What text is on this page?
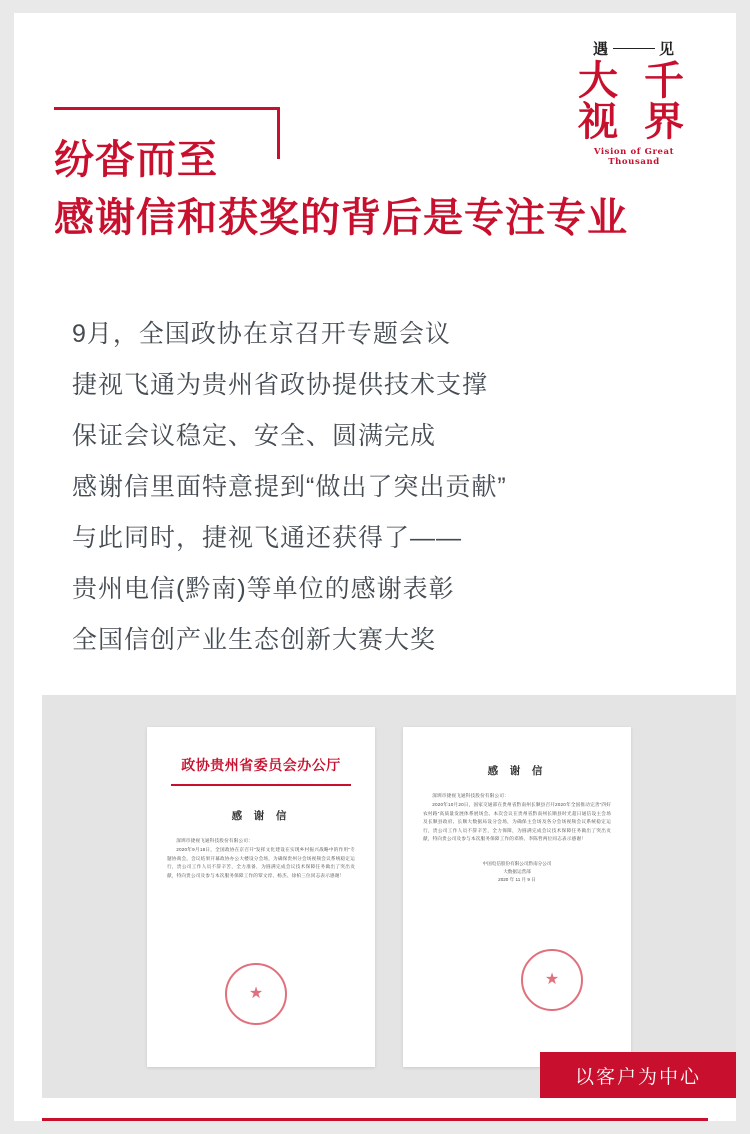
遇	见
大 千
视 界
Vision of Great Thousand
纷沓而至
感谢信和获奖的背后是专注专业

9月，全国政协在京召开专题会议

捷视飞通为贵州省政协提供技术支撑

保证会议稳定、安全、圆满完成

感谢信里面特意提到“做出了突出贡献”

与此同时，捷视飞通还获得了——

贵州电信(黔南)等单位的感谢表彰

全国信创产业生态创新大赛大奖

政协贵州省委员会办公厅
感 谢 信

深圳市捷视飞通科技股份有限公司：

2020年9月18日，全国政协在京召开“发挥文化建设在实现乡村振兴战略中的作用”专题协商会。会议结果开幕政协办公大楼设分会场，为确保贵州分会场视频会议系统稳定运行，贵公司工作人员不辞辛苦，全力准备，为圆满完成会议技术保障任务做出了突出贡献，特向贵公司及参与本次服务保障工作的覃文淳、杨杰、徐柏三位同志表示感谢！

★
感 谢 信

深圳市捷视飞通科技股份有限公司：

2020年10月20日，国家交通部在贵州省黔南州长顺县召开2020年全国推动完善“四好农村路”高质量发展体系展场会。本次会议在贵州省黔南州长顺县时光超日通信设主会场及长顺县政府、长顺大数据局设分会场，为确保主会场及各分会场视频会议系统稳定运行，贵公司工作人员不辞辛苦，全力保障，为圆满完成会议技术保障任务做出了突出贡献，特向贵公司及参与本次服务保障工作的邓娇、李陈哲两位同志表示感谢！

中国电信股份有限公司黔南分公司
大数据运营部
2020 年 11 月 9 日
★
以客户为中心
